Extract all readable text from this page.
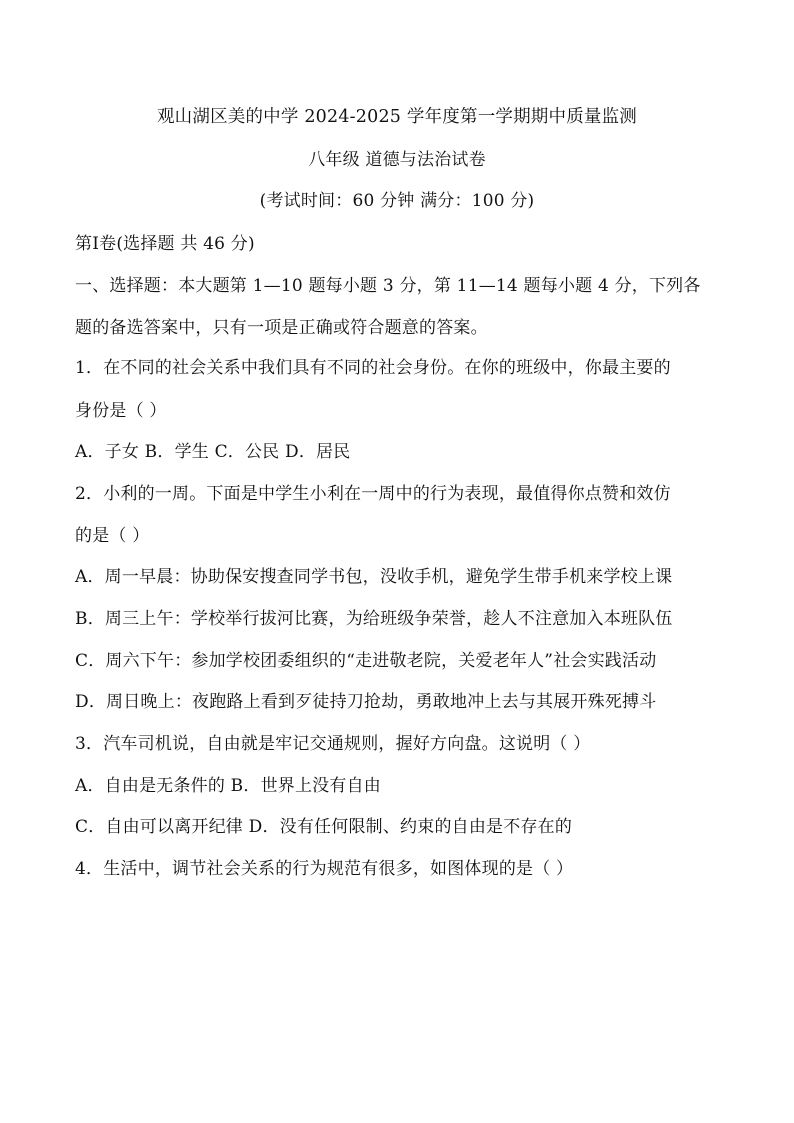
观山湖区美的中学 2024-2025 学年度第一学期期中质量监测
八年级 道德与法治试卷
(考试时间：60 分钟 满分：100 分)
第Ⅰ卷(选择题 共 46 分)
一、选择题：本大题第 1—10 题每小题 3 分，第 11—14 题每小题 4 分，下列各
题的备选答案中，只有一项是正确或符合题意的答案。
1．在不同的社会关系中我们具有不同的社会身份。在你的班级中，你最主要的
身份是（ ）
A．子女 B．学生 C．公民 D．居民
2．小利的一周。下面是中学生小利在一周中的行为表现，最值得你点赞和效仿
的是（ ）
A．周一早晨：协助保安搜查同学书包，没收手机，避免学生带手机来学校上课
B．周三上午：学校举行拔河比赛，为给班级争荣誉，趁人不注意加入本班队伍
C．周六下午：参加学校团委组织的“走进敬老院，关爱老年人”社会实践活动
D．周日晚上：夜跑路上看到歹徒持刀抢劫，勇敢地冲上去与其展开殊死搏斗
3．汽车司机说，自由就是牢记交通规则，握好方向盘。这说明（ ）
A．自由是无条件的 B．世界上没有自由
C．自由可以离开纪律 D．没有任何限制、约束的自由是不存在的
4．生活中，调节社会关系的行为规范有很多，如图体现的是（ ）
